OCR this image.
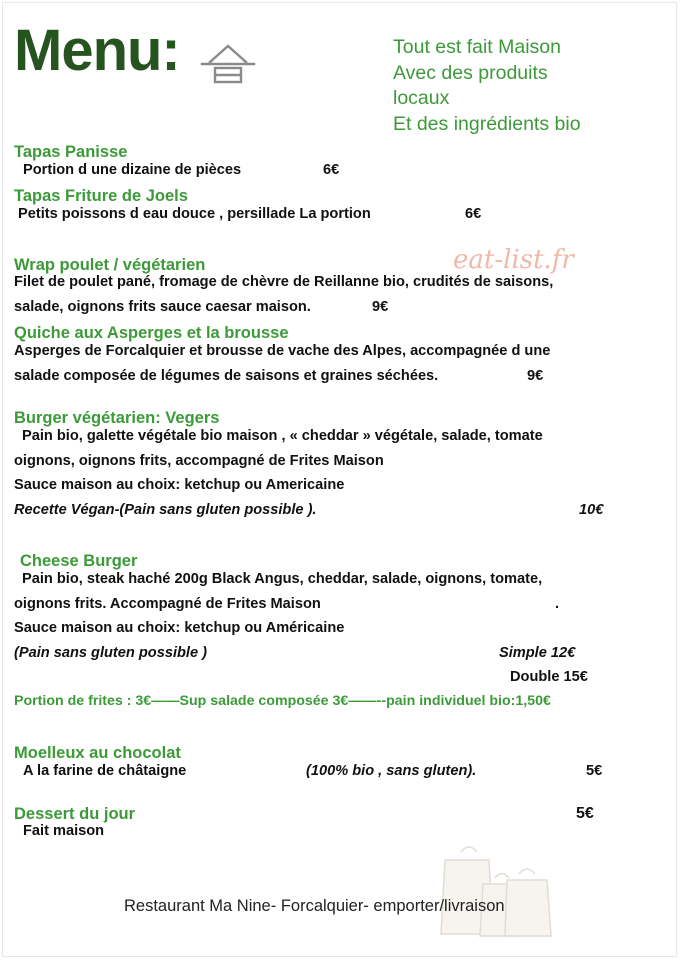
Menu:	Tout est fait Maison
Avec des produits
locaux
Et des ingrédients bio
Tapas Panisse
Portion d une dizaine de pièces	6€
Tapas Friture de Joels
Petits poissons d eau douce , persillade La portion	6€
eat-list.fr
Wrap poulet / végétarien
Filet de poulet pané, fromage de chèvre de Reillanne bio, crudités de saisons,
salade, oignons frits sauce caesar maison.	9€
Quiche aux Asperges et la brousse
Asperges de Forcalquier et brousse de vache des Alpes, accompagnée d une
salade composée de légumes de saisons et graines séchées.	9€
Burger végétarien: Vegers
Pain bio, galette végétale bio maison , « cheddar » végétale, salade, tomate
oignons, oignons frits, accompagné de Frites Maison
Sauce maison au choix: ketchup ou Americaine
Recette Végan-(Pain sans gluten possible ).	10€
Cheese Burger
Pain bio, steak haché 200g Black Angus, cheddar, salade, oignons, tomate,
oignons frits. Accompagné de Frites Maison	.
Sauce maison au choix: ketchup ou Américaine
(Pain sans gluten possible )	Simple 12€
Double 15€
Portion de frites : 3€——Sup salade composée 3€——--pain individuel bio:1,50€
Moelleux au chocolat
A la farine de châtaigne	(100% bio , sans gluten).	5€
Dessert du jour	5€
Fait maison
Restaurant Ma Nine- Forcalquier- emporter/livraison
